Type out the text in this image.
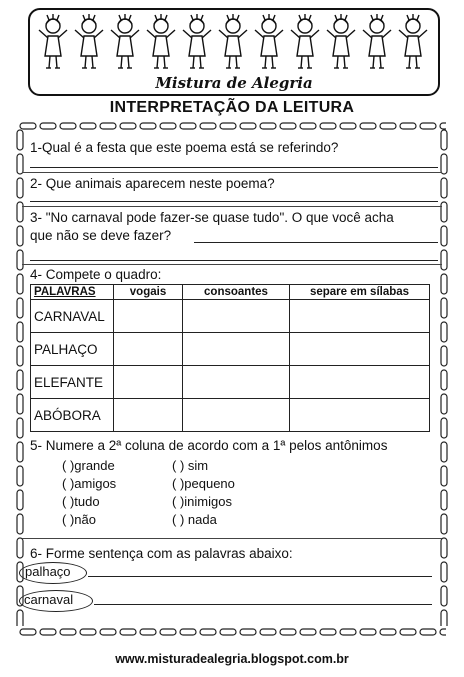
Mistura de Alegria
INTERPRETAÇÃO DA LEITURA
1-Qual é a festa que este poema está se referindo?
2- Que animais aparecem neste poema?
3- "No carnaval pode fazer-se quase tudo". O que você acha
que não se deve fazer?
4- Compete o quadro:
PALAVRAS	vogais	consoantes	separe em sílabas
CARNAVAL			
PALHAÇO			
ELEFANTE			
ABÓBORA			
5- Numere a 2ª coluna de acordo com a 1ª pelos antônimos
( )grande
( )amigos
( )tudo
( )não
( ) sim
( )pequeno
( )inimigos
( ) nada
6- Forme sentença com as palavras abaixo:
palhaço
carnaval
www.misturadealegria.blogspot.com.br
